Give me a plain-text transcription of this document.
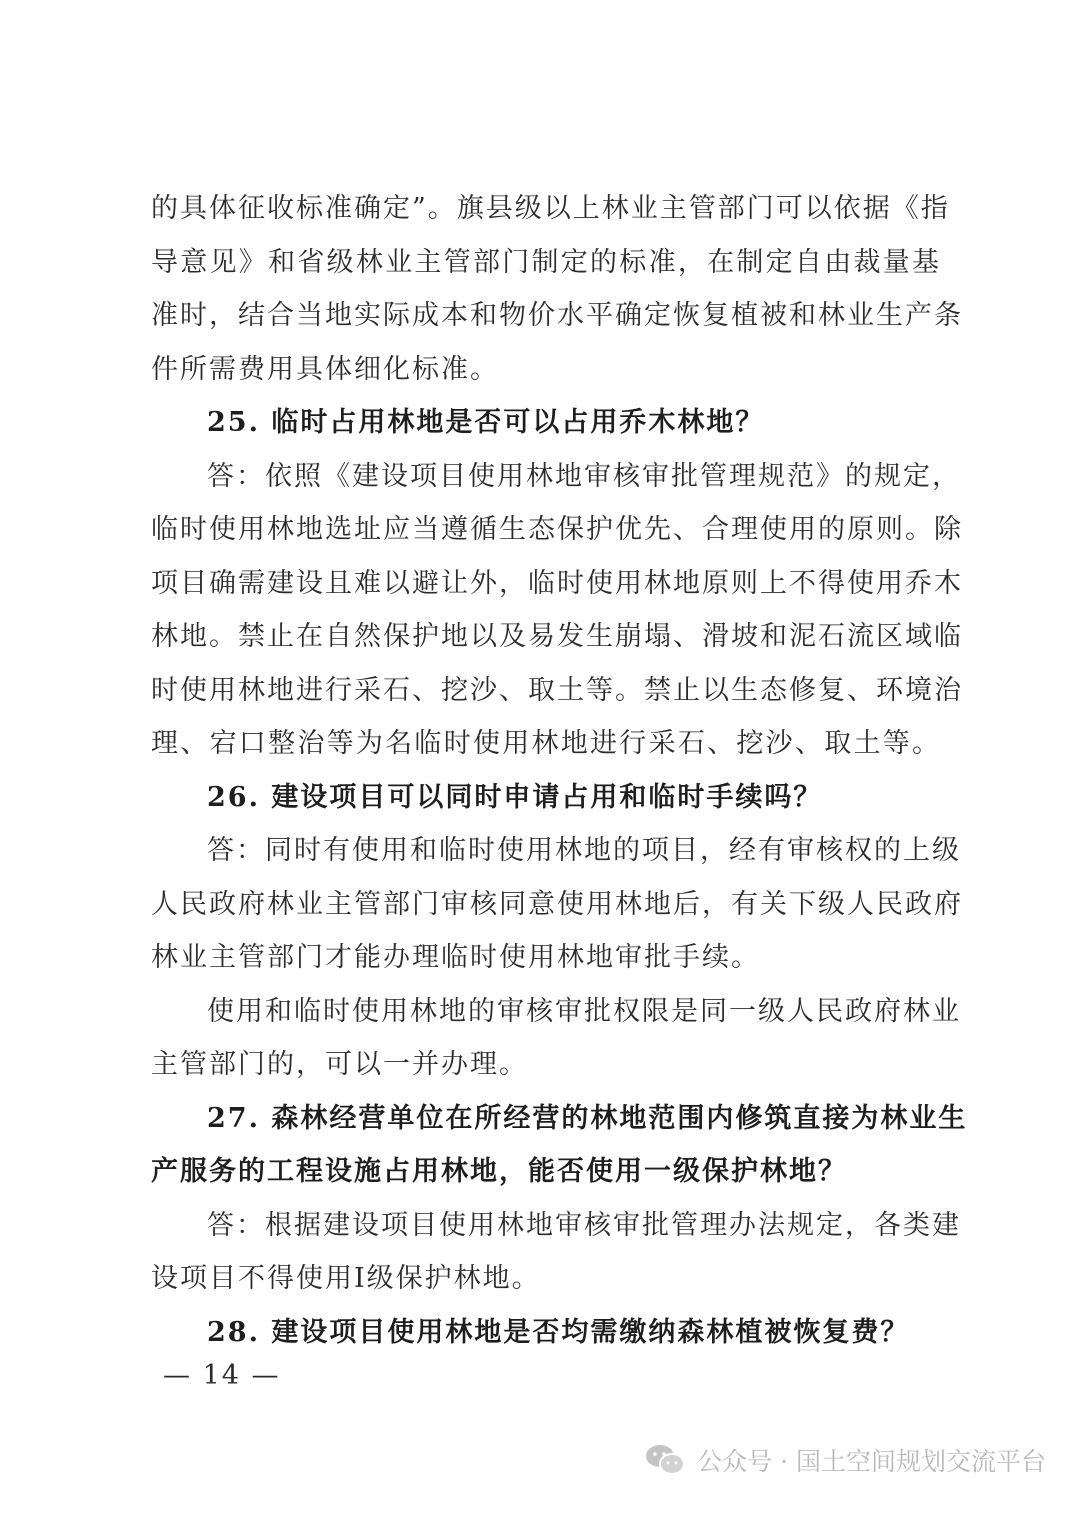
的具体征收标准确定”。旗县级以上林业主管部门可以依据《指
导意见》和省级林业主管部门制定的标准，在制定自由裁量基
准时，结合当地实际成本和物价水平确定恢复植被和林业生产条
件所需费用具体细化标准。
25. 临时占用林地是否可以占用乔木林地？
答：依照《建设项目使用林地审核审批管理规范》的规定，
临时使用林地选址应当遵循生态保护优先、合理使用的原则。除
项目确需建设且难以避让外，临时使用林地原则上不得使用乔木
林地。禁止在自然保护地以及易发生崩塌、滑坡和泥石流区域临
时使用林地进行采石、挖沙、取土等。禁止以生态修复、环境治
理、宕口整治等为名临时使用林地进行采石、挖沙、取土等。
26. 建设项目可以同时申请占用和临时手续吗？
答：同时有使用和临时使用林地的项目，经有审核权的上级
人民政府林业主管部门审核同意使用林地后，有关下级人民政府
林业主管部门才能办理临时使用林地审批手续。
使用和临时使用林地的审核审批权限是同一级人民政府林业
主管部门的，可以一并办理。
27. 森林经营单位在所经营的林地范围内修筑直接为林业生
产服务的工程设施占用林地，能否使用一级保护林地？
答：根据建设项目使用林地审核审批管理办法规定，各类建
设项目不得使用Ⅰ级保护林地。
28. 建设项目使用林地是否均需缴纳森林植被恢复费？
— 14 —
公众号 · 国土空间规划交流平台
